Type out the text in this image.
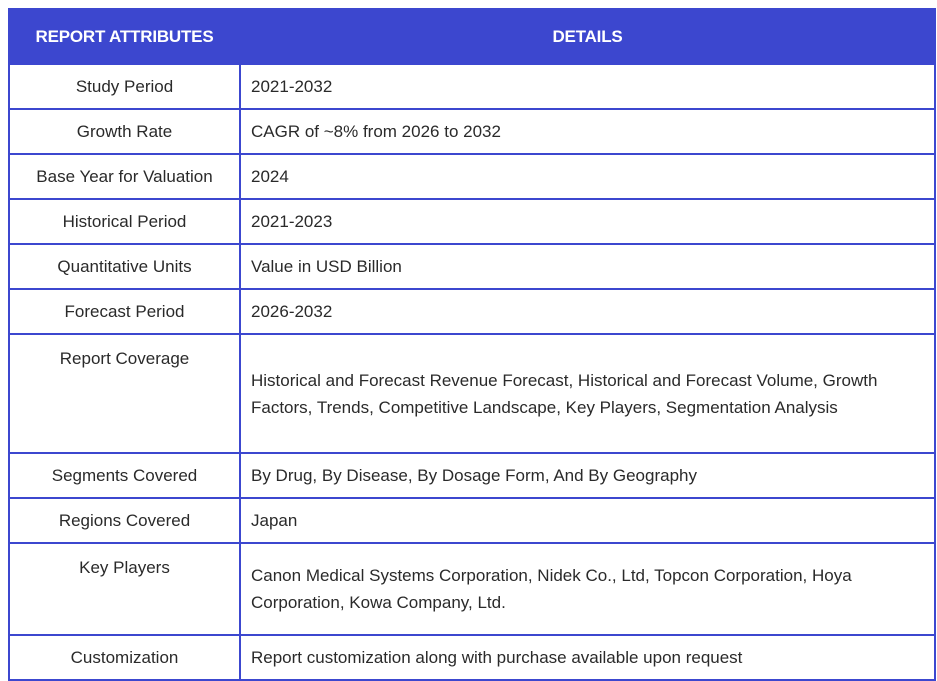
REPORT ATTRIBUTES	DETAILS
Study Period	2021-2032
Growth Rate	CAGR of ~8% from 2026 to 2032
Base Year for Valuation	2024
Historical Period	2021-2023
Quantitative Units	Value in USD Billion
Forecast Period	2026-2032
Report Coverage	Historical and Forecast Revenue Forecast, Historical and Forecast Volume, Growth Factors, Trends, Competitive Landscape, Key Players, Segmentation Analysis
Segments Covered	By Drug, By Disease, By Dosage Form, And By Geography
Regions Covered	Japan
Key Players	Canon Medical Systems Corporation, Nidek Co., Ltd, Topcon Corporation, Hoya Corporation, Kowa Company, Ltd.
Customization	Report customization along with purchase available upon request
